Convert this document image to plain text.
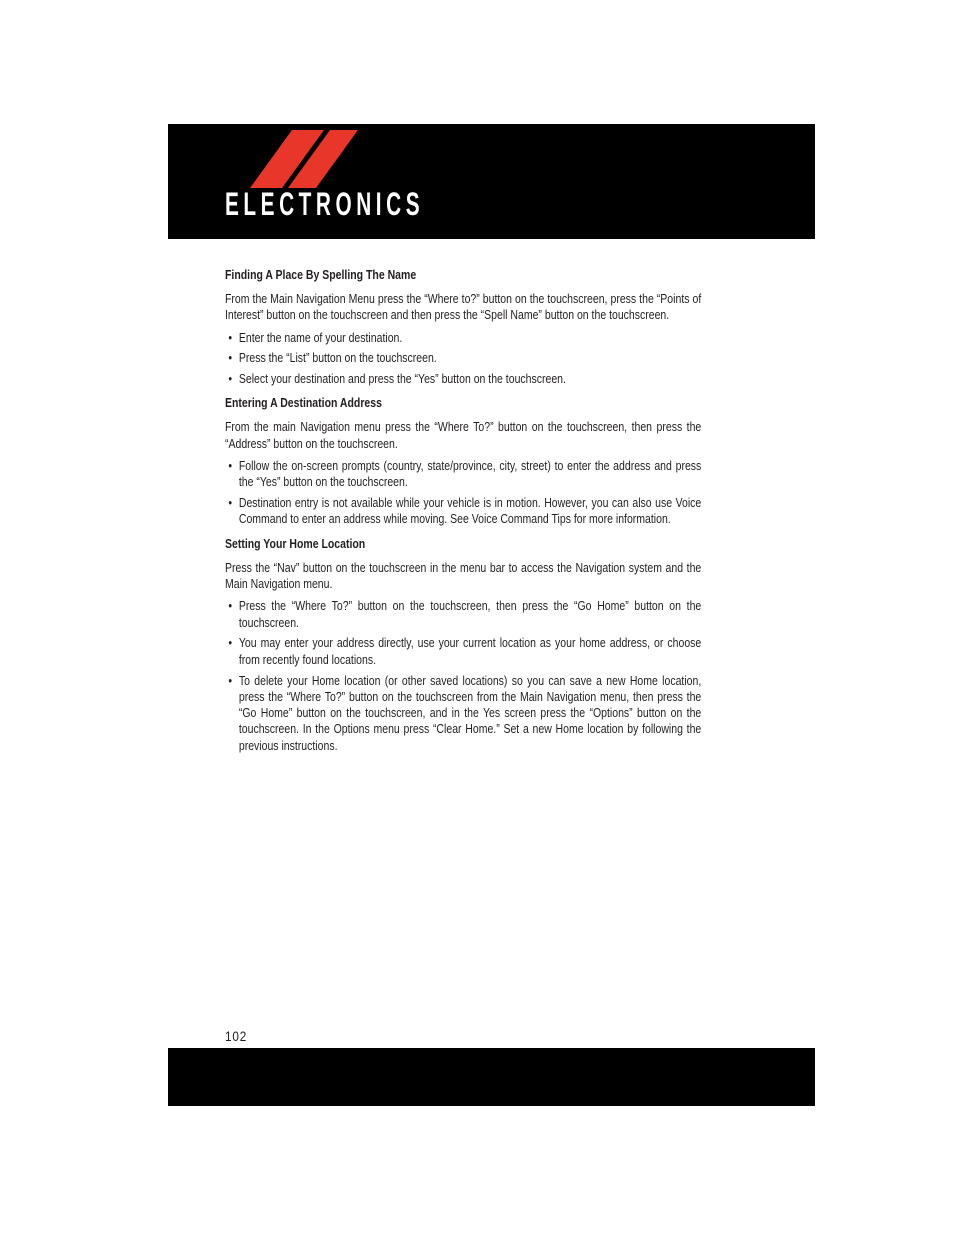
ELECTRONICS
Finding A Place By Spelling The Name

From the Main Navigation Menu press the “Where to?” button on the touchscreen, press the “Points of Interest” button on the touchscreen and then press the “Spell Name” button on the touchscreen.

• Enter the name of your destination.
• Press the “List” button on the touchscreen.
• Select your destination and press the “Yes” button on the touchscreen.
Entering A Destination Address

From the main Navigation menu press the “Where To?” button on the touchscreen, then press the “Address” button on the touchscreen.

• Follow the on-screen prompts (country, state/province, city, street) to enter the address and press the “Yes” button on the touchscreen.
• Destination entry is not available while your vehicle is in motion. However, you can also use Voice Command to enter an address while moving. See Voice Command Tips for more information.
Setting Your Home Location

Press the “Nav” button on the touchscreen in the menu bar to access the Navigation system and the Main Navigation menu.

• Press the “Where To?” button on the touchscreen, then press the “Go Home” button on the touchscreen.
• You may enter your address directly, use your current location as your home address, or choose from recently found locations.
• To delete your Home location (or other saved locations) so you can save a new Home location, press the “Where To?” button on the touchscreen from the Main Navigation menu, then press the “Go Home” button on the touchscreen, and in the Yes screen press the “Options” button on the touchscreen. In the Options menu press “Clear Home.” Set a new Home location by following the previous instructions.
102
